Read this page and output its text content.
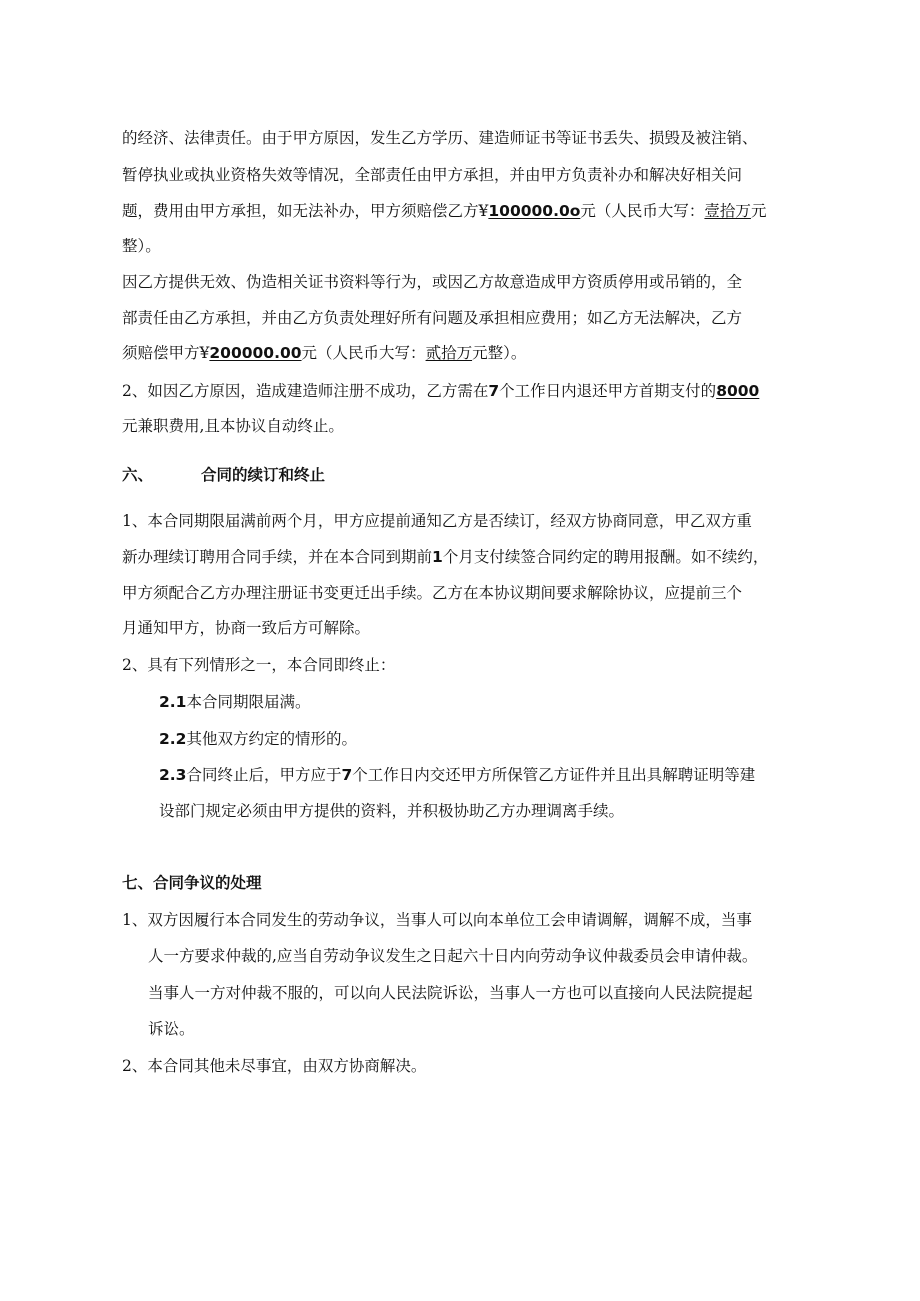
的经济、法律责任。由于甲方原因，发生乙方学历、建造师证书等证书丢失、损毁及被注销、
暂停执业或执业资格失效等情况，全部责任由甲方承担，并由甲方负责补办和解决好相关问
题，费用由甲方承担，如无法补办，甲方须赔偿乙方¥100000.0o元（人民币大写：壹拾万元
整）。
因乙方提供无效、伪造相关证书资料等行为，或因乙方故意造成甲方资质停用或吊销的，全
部责任由乙方承担，并由乙方负责处理好所有问题及承担相应费用；如乙方无法解决，乙方
须赔偿甲方¥200000.00元（人民币大写：贰拾万元整）。
2、如因乙方原因，造成建造师注册不成功，乙方需在7个工作日内退还甲方首期支付的8000
元兼职费用,且本协议自动终止。
六、	合同的续订和终止
1、本合同期限届满前两个月，甲方应提前通知乙方是否续订，经双方协商同意，甲乙双方重
新办理续订聘用合同手续，并在本合同到期前1个月支付续签合同约定的聘用报酬。如不续约，
甲方须配合乙方办理注册证书变更迁出手续。乙方在本协议期间要求解除协议，应提前三个
月通知甲方，协商一致后方可解除。
2、具有下列情形之一，本合同即终止：
2.1本合同期限届满。
2.2其他双方约定的情形的。
2.3合同终止后，甲方应于7个工作日内交还甲方所保管乙方证件并且出具解聘证明等建
设部门规定必须由甲方提供的资料，并积极协助乙方办理调离手续。
七、合同争议的处理
1、双方因履行本合同发生的劳动争议，当事人可以向本单位工会申请调解，调解不成，当事
人一方要求仲裁的,应当自劳动争议发生之日起六十日内向劳动争议仲裁委员会申请仲裁。
当事人一方对仲裁不服的，可以向人民法院诉讼，当事人一方也可以直接向人民法院提起
诉讼。
2、本合同其他未尽事宜，由双方协商解决。
